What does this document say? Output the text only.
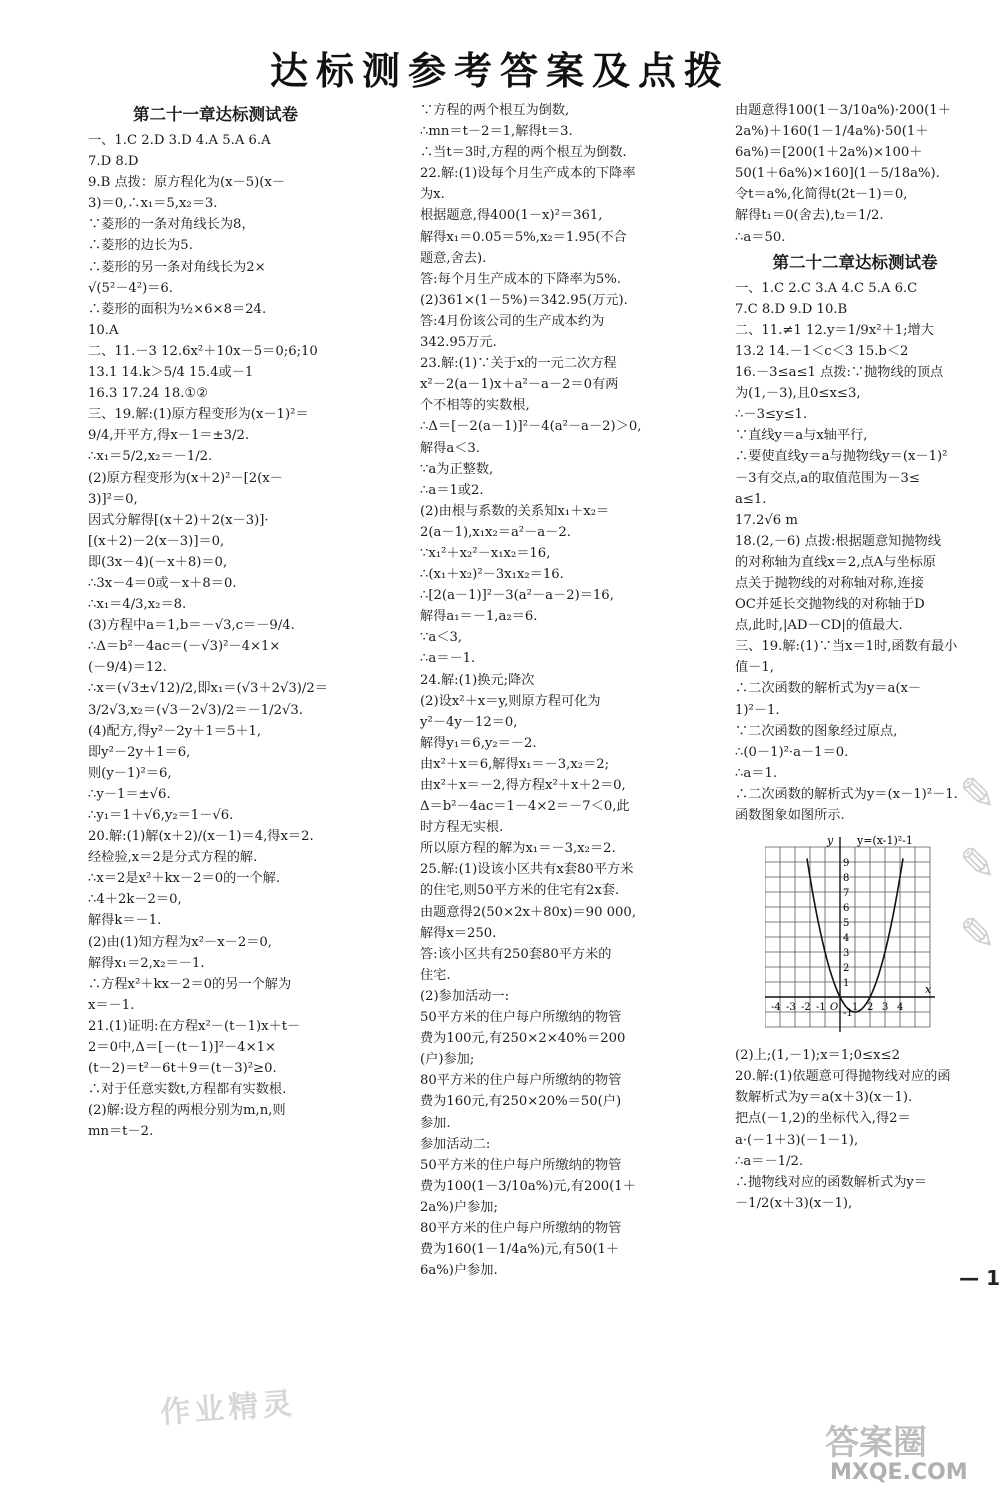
达标测参考答案及点拨
第二十一章达标测试卷
一、1.C 2.D 3.D 4.A 5.A 6.A
7.D 8.D
9.B 点拨：原方程化为(x－5)(x－
3)＝0,∴x₁＝5,x₂＝3.
∵菱形的一条对角线长为8，
∴菱形的边长为5.
∴菱形的另一条对角线长为2×
√(5²－4²)＝6.
∴菱形的面积为½×6×8＝24.
10.A
二、11.－3 12.6x²＋10x－5＝0;6;10
13.1 14.k＞5/4 15.4或－1
16.3 17.24 18.①②
三、19.解:(1)原方程变形为(x－1)²＝
9/4,开平方,得x－1＝±3/2.
∴x₁＝5/2,x₂＝－1/2.
(2)原方程变形为(x＋2)²－[2(x－
3)]²＝0,
因式分解得[(x＋2)＋2(x－3)]·
[(x＋2)－2(x－3)]＝0,
即(3x－4)(－x＋8)＝0,
∴3x－4＝0或－x＋8＝0.
∴x₁＝4/3,x₂＝8.
(3)方程中a＝1,b＝－√3,c＝－9/4.
∴Δ＝b²－4ac＝(－√3)²－4×1×
(－9/4)＝12.
∴x＝(√3±√12)/2,即x₁＝(√3＋2√3)/2＝
3/2√3,x₂＝(√3－2√3)/2＝－1/2√3.
(4)配方,得y²－2y＋1＝5＋1,
即y²－2y＋1＝6,
则(y－1)²＝6,
∴y－1＝±√6.
∴y₁＝1＋√6,y₂＝1－√6.
20.解:(1)解(x＋2)/(x－1)＝4,得x＝2.
经检验,x＝2是分式方程的解.
∴x＝2是x²＋kx－2＝0的一个解.
∴4＋2k－2＝0,
解得k＝－1.
(2)由(1)知方程为x²－x－2＝0,
解得x₁＝2,x₂＝－1.
∴方程x²＋kx－2＝0的另一个解为
x＝－1.
21.(1)证明:在方程x²－(t－1)x＋t－
2＝0中,Δ＝[－(t－1)]²－4×1×
(t－2)＝t²－6t＋9＝(t－3)²≥0.
∴对于任意实数t,方程都有实数根.
(2)解:设方程的两根分别为m,n,则
mn＝t－2.
∵方程的两个根互为倒数,
∴mn＝t－2＝1,解得t＝3.
∴当t＝3时,方程的两个根互为倒数.
22.解:(1)设每个月生产成本的下降率
为x.
根据题意,得400(1－x)²＝361,
解得x₁＝0.05＝5%,x₂＝1.95(不合
题意,舍去).
答:每个月生产成本的下降率为5%.
(2)361×(1－5%)＝342.95(万元).
答:4月份该公司的生产成本约为
342.95万元.
23.解:(1)∵关于x的一元二次方程
x²－2(a－1)x＋a²－a－2＝0有两
个不相等的实数根,
∴Δ＝[－2(a－1)]²－4(a²－a－2)＞0,
解得a＜3.
∵a为正整数,
∴a＝1或2.
(2)由根与系数的关系知x₁＋x₂＝
2(a－1),x₁x₂＝a²－a－2.
∵x₁²＋x₂²－x₁x₂＝16,
∴(x₁＋x₂)²－3x₁x₂＝16.
∴[2(a－1)]²－3(a²－a－2)＝16,
解得a₁＝－1,a₂＝6.
∵a＜3,
∴a＝－1.
24.解:(1)换元;降次
(2)设x²＋x＝y,则原方程可化为
y²－4y－12＝0,
解得y₁＝6,y₂＝－2.
由x²＋x＝6,解得x₁＝－3,x₂＝2;
由x²＋x＝－2,得方程x²＋x＋2＝0,
Δ＝b²－4ac＝1－4×2＝－7＜0,此
时方程无实根.
所以原方程的解为x₁＝－3,x₂＝2.
25.解:(1)设该小区共有x套80平方米
的住宅,则50平方米的住宅有2x套.
由题意得2(50×2x＋80x)＝90 000,
解得x＝250.
答:该小区共有250套80平方米的
住宅.
(2)参加活动一:
50平方米的住户每户所缴纳的物管
费为100元,有250×2×40%＝200
(户)参加;
80平方米的住户每户所缴纳的物管
费为160元,有250×20%＝50(户)
参加.
参加活动二:
50平方米的住户每户所缴纳的物管
费为100(1－3/10a%)元,有200(1＋
2a%)户参加;
80平方米的住户每户所缴纳的物管
费为160(1－1/4a%)元,有50(1＋
6a%)户参加.
由题意得100(1－3/10a%)·200(1＋
2a%)＋160(1－1/4a%)·50(1＋
6a%)＝[200(1＋2a%)×100＋
50(1＋6a%)×160](1－5/18a%).
令t＝a%,化简得t(2t－1)＝0,
解得t₁＝0(舍去),t₂＝1/2.
∴a＝50.
第二十二章达标测试卷
一、1.C 2.C 3.A 4.C 5.A 6.C
7.C 8.D 9.D 10.B
二、11.≠1 12.y＝1/9x²＋1;增大
13.2 14.－1＜c＜3 15.b＜2
16.－3≤a≤1 点拨:∵抛物线的顶点
为(1,－3),且0≤x≤3,
∴－3≤y≤1.
∵直线y＝a与x轴平行,
∴要使直线y＝a与抛物线y＝(x－1)²
－3有交点,a的取值范围为－3≤
a≤1.
17.2√6 m
18.(2,－6) 点拨:根据题意知抛物线
的对称轴为直线x＝2,点A与坐标原
点关于抛物线的对称轴对称,连接
OC并延长交抛物线的对称轴于D
点,此时,|AD－CD|的值最大.
三、19.解:(1)∵当x＝1时,函数有最小
值－1,
∴二次函数的解析式为y＝a(x－
1)²－1.
∵二次函数的图象经过原点,
∴(0－1)²·a－1＝0.
∴a＝1.
∴二次函数的解析式为y＝(x－1)²－1.
函数图象如图所示.
y=(x-1)²-1
y
x
O
9
8
7
6
5
4
3
2
1
-1
-4 -3 -2 -1	1 2 3 4
(2)上;(1,－1);x＝1;0≤x≤2
20.解:(1)依题意可得抛物线对应的函
数解析式为y＝a(x＋3)(x－1).
把点(－1,2)的坐标代入,得2＝
a·(－1＋3)(－1－1),
∴a＝－1/2.
∴抛物线对应的函数解析式为y＝
－1/2(x＋3)(x－1),
✎
✎
✎
— 1
作业精灵
答案圈
MXQE.COM
